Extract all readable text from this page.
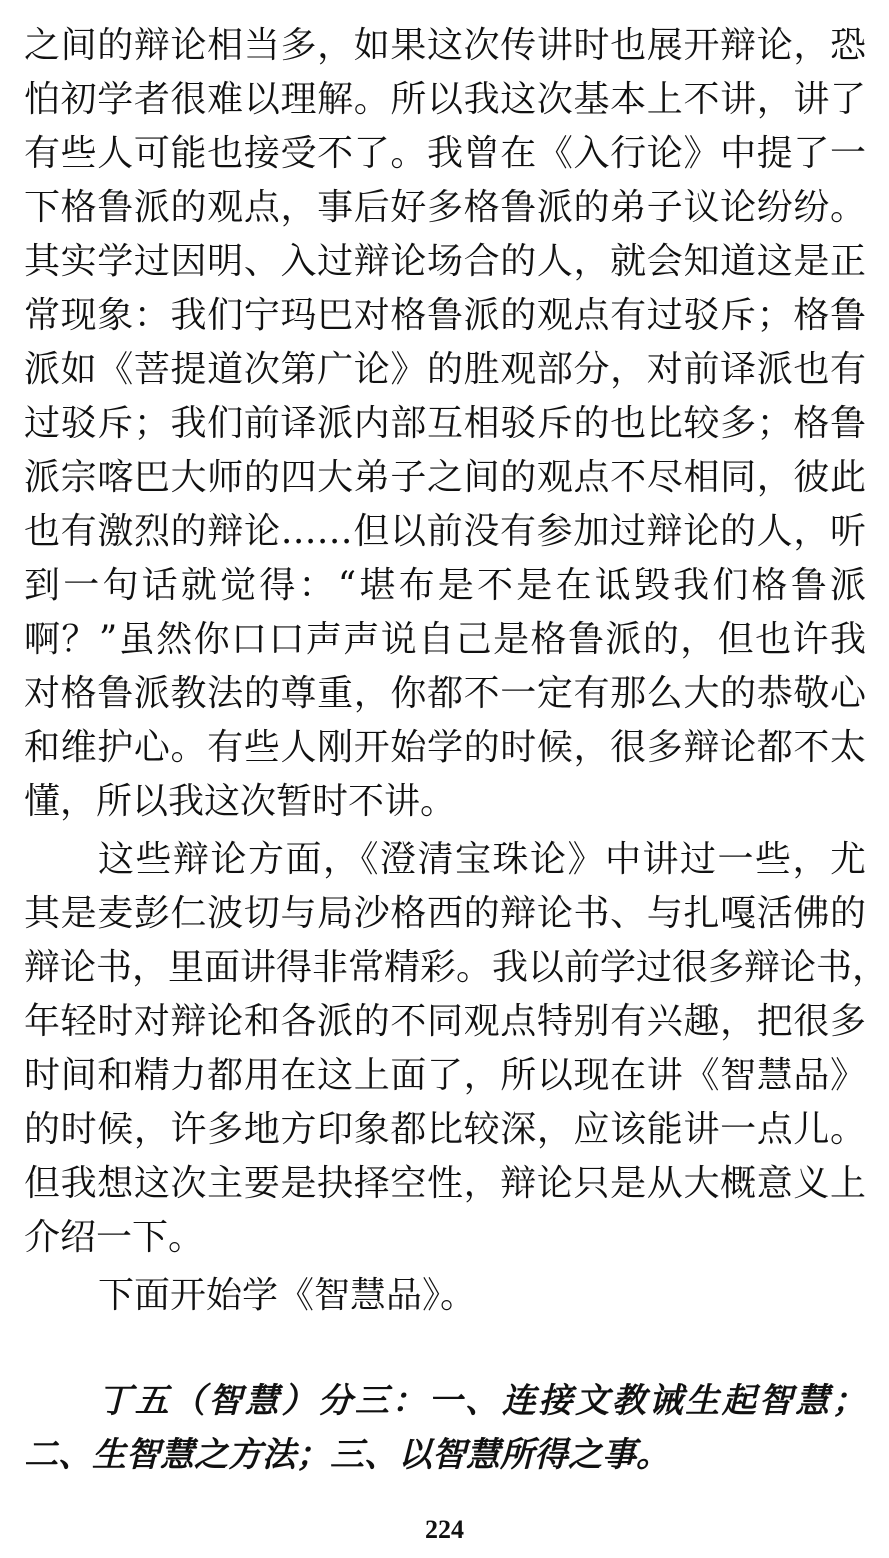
之间的辩论相当多，如果这次传讲时也展开辩论，恐
怕初学者很难以理解。所以我这次基本上不讲，讲了
有些人可能也接受不了。我曾在《入行论》中提了一
下格鲁派的观点，事后好多格鲁派的弟子议论纷纷。
其实学过因明、入过辩论场合的人，就会知道这是正
常现象：我们宁玛巴对格鲁派的观点有过驳斥；格鲁
派如《菩提道次第广论》的胜观部分，对前译派也有
过驳斥；我们前译派内部互相驳斥的也比较多；格鲁
派宗喀巴大师的四大弟子之间的观点不尽相同，彼此
也有激烈的辩论……但以前没有参加过辩论的人，听
到一句话就觉得：“堪布是不是在诋毁我们格鲁派
啊？”虽然你口口声声说自己是格鲁派的，但也许我
对格鲁派教法的尊重，你都不一定有那么大的恭敬心
和维护心。有些人刚开始学的时候，很多辩论都不太
懂，所以我这次暂时不讲。
这些辩论方面，《澄清宝珠论》中讲过一些，尤
其是麦彭仁波切与局沙格西的辩论书、与扎嘎活佛的
辩论书，里面讲得非常精彩。我以前学过很多辩论书，
年轻时对辩论和各派的不同观点特别有兴趣，把很多
时间和精力都用在这上面了，所以现在讲《智慧品》
的时候，许多地方印象都比较深，应该能讲一点儿。
但我想这次主要是抉择空性，辩论只是从大概意义上
介绍一下。
下面开始学《智慧品》。
丁五（智慧）分三：一、连接文教诫生起智慧；
二、生智慧之方法；三、以智慧所得之事。
224
